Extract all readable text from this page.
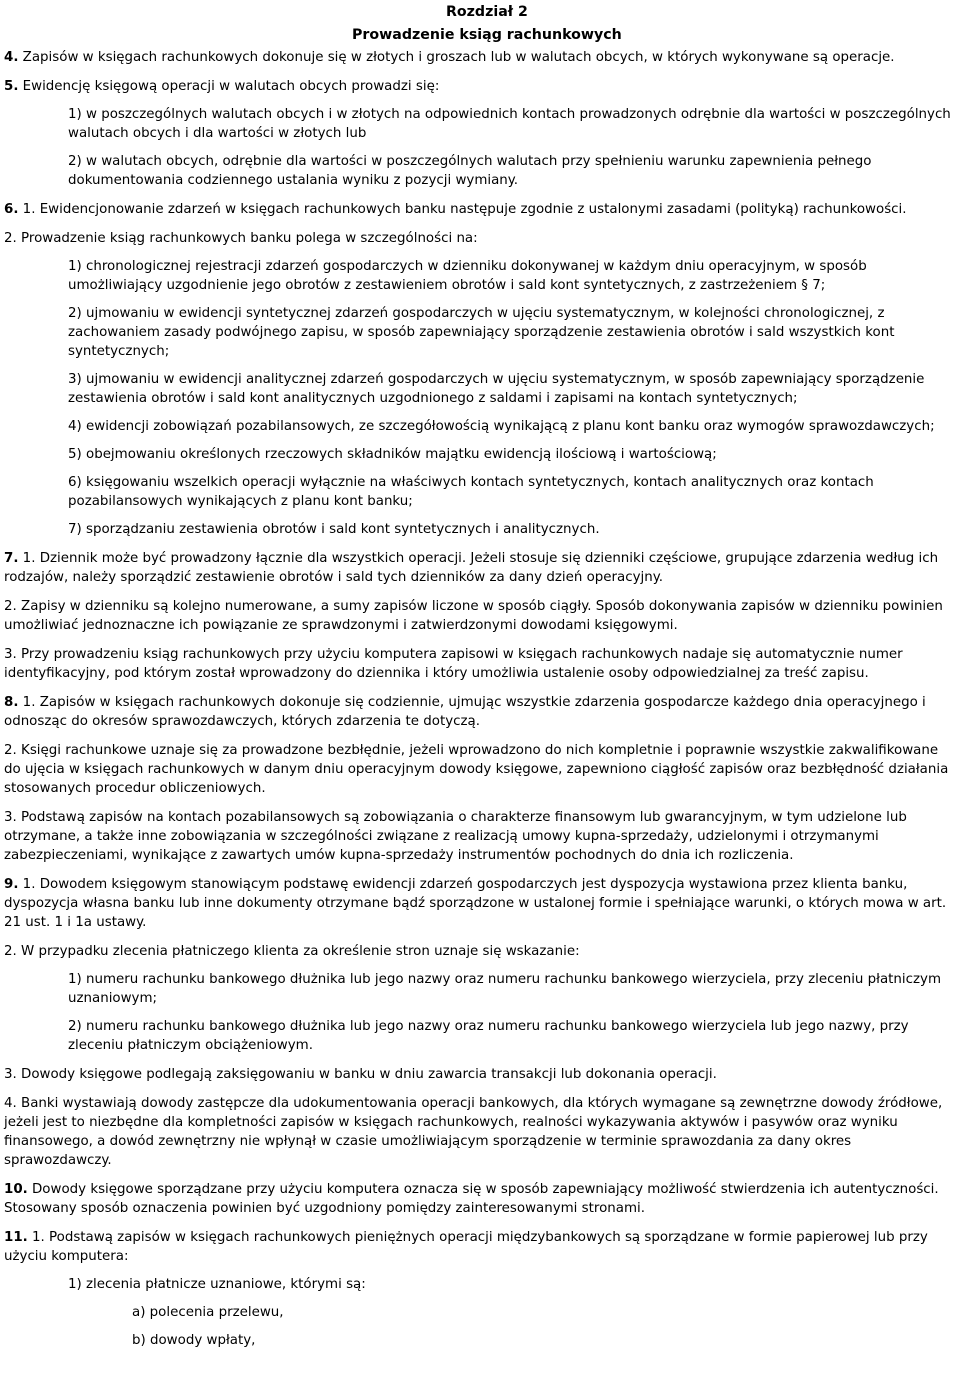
Rozdział 2
Prowadzenie ksiąg rachunkowych

4. Zapisów w księgach rachunkowych dokonuje się w złotych i groszach lub w walutach obcych, w których wykonywane są operacje.

5. Ewidencję księgową operacji w walutach obcych prowadzi się:

1) w poszczególnych walutach obcych i w złotych na odpowiednich kontach prowadzonych odrębnie dla wartości w poszczególnych walutach obcych i dla wartości w złotych lub

2) w walutach obcych, odrębnie dla wartości w poszczególnych walutach przy spełnieniu warunku zapewnienia pełnego dokumentowania codziennego ustalania wyniku z pozycji wymiany.

6. 1. Ewidencjonowanie zdarzeń w księgach rachunkowych banku następuje zgodnie z ustalonymi zasadami (polityką) rachunkowości.

2. Prowadzenie ksiąg rachunkowych banku polega w szczególności na:

1) chronologicznej rejestracji zdarzeń gospodarczych w dzienniku dokonywanej w każdym dniu operacyjnym, w sposób umożliwiający uzgodnienie jego obrotów z zestawieniem obrotów i sald kont syntetycznych, z zastrzeżeniem § 7;

2) ujmowaniu w ewidencji syntetycznej zdarzeń gospodarczych w ujęciu systematycznym, w kolejności chronologicznej, z zachowaniem zasady podwójnego zapisu, w sposób zapewniający sporządzenie zestawienia obrotów i sald wszystkich kont syntetycznych;

3) ujmowaniu w ewidencji analitycznej zdarzeń gospodarczych w ujęciu systematycznym, w sposób zapewniający sporządzenie zestawienia obrotów i sald kont analitycznych uzgodnionego z saldami i zapisami na kontach syntetycznych;

4) ewidencji zobowiązań pozabilansowych, ze szczegółowością wynikającą z planu kont banku oraz wymogów sprawozdawczych;

5) obejmowaniu określonych rzeczowych składników majątku ewidencją ilościową i wartościową;

6) księgowaniu wszelkich operacji wyłącznie na właściwych kontach syntetycznych, kontach analitycznych oraz kontach pozabilansowych wynikających z planu kont banku;

7) sporządzaniu zestawienia obrotów i sald kont syntetycznych i analitycznych.

7. 1. Dziennik może być prowadzony łącznie dla wszystkich operacji. Jeżeli stosuje się dzienniki częściowe, grupujące zdarzenia według ich rodzajów, należy sporządzić zestawienie obrotów i sald tych dzienników za dany dzień operacyjny.

2. Zapisy w dzienniku są kolejno numerowane, a sumy zapisów liczone w sposób ciągły. Sposób dokonywania zapisów w dzienniku powinien umożliwiać jednoznaczne ich powiązanie ze sprawdzonymi i zatwierdzonymi dowodami księgowymi.

3. Przy prowadzeniu ksiąg rachunkowych przy użyciu komputera zapisowi w księgach rachunkowych nadaje się automatycznie numer identyfikacyjny, pod którym został wprowadzony do dziennika i który umożliwia ustalenie osoby odpowiedzialnej za treść zapisu.

8. 1. Zapisów w księgach rachunkowych dokonuje się codziennie, ujmując wszystkie zdarzenia gospodarcze każdego dnia operacyjnego i odnosząc do okresów sprawozdawczych, których zdarzenia te dotyczą.

2. Księgi rachunkowe uznaje się za prowadzone bezbłędnie, jeżeli wprowadzono do nich kompletnie i poprawnie wszystkie zakwalifikowane do ujęcia w księgach rachunkowych w danym dniu operacyjnym dowody księgowe, zapewniono ciągłość zapisów oraz bezbłędność działania stosowanych procedur obliczeniowych.

3. Podstawą zapisów na kontach pozabilansowych są zobowiązania o charakterze finansowym lub gwarancyjnym, w tym udzielone lub otrzymane, a także inne zobowiązania w szczególności związane z realizacją umowy kupna-sprzedaży, udzielonymi i otrzymanymi zabezpieczeniami, wynikające z zawartych umów kupna-sprzedaży instrumentów pochodnych do dnia ich rozliczenia.

9. 1. Dowodem księgowym stanowiącym podstawę ewidencji zdarzeń gospodarczych jest dyspozycja wystawiona przez klienta banku, dyspozycja własna banku lub inne dokumenty otrzymane bądź sporządzone w ustalonej formie i spełniające warunki, o których mowa w art. 21 ust. 1 i 1a ustawy.

2. W przypadku zlecenia płatniczego klienta za określenie stron uznaje się wskazanie:

1) numeru rachunku bankowego dłużnika lub jego nazwy oraz numeru rachunku bankowego wierzyciela, przy zleceniu płatniczym uznaniowym;

2) numeru rachunku bankowego dłużnika lub jego nazwy oraz numeru rachunku bankowego wierzyciela lub jego nazwy, przy zleceniu płatniczym obciążeniowym.

3. Dowody księgowe podlegają zaksięgowaniu w banku w dniu zawarcia transakcji lub dokonania operacji.

4. Banki wystawiają dowody zastępcze dla udokumentowania operacji bankowych, dla których wymagane są zewnętrzne dowody źródłowe, jeżeli jest to niezbędne dla kompletności zapisów w księgach rachunkowych, realności wykazywania aktywów i pasywów oraz wyniku finansowego, a dowód zewnętrzny nie wpłynął w czasie umożliwiającym sporządzenie w terminie sprawozdania za dany okres sprawozdawczy.

10. Dowody księgowe sporządzane przy użyciu komputera oznacza się w sposób zapewniający możliwość stwierdzenia ich autentyczności. Stosowany sposób oznaczenia powinien być uzgodniony pomiędzy zainteresowanymi stronami.

11. 1. Podstawą zapisów w księgach rachunkowych pieniężnych operacji międzybankowych są sporządzane w formie papierowej lub przy użyciu komputera:

1) zlecenia płatnicze uznaniowe, którymi są:

a) polecenia przelewu,

b) dowody wpłaty,
